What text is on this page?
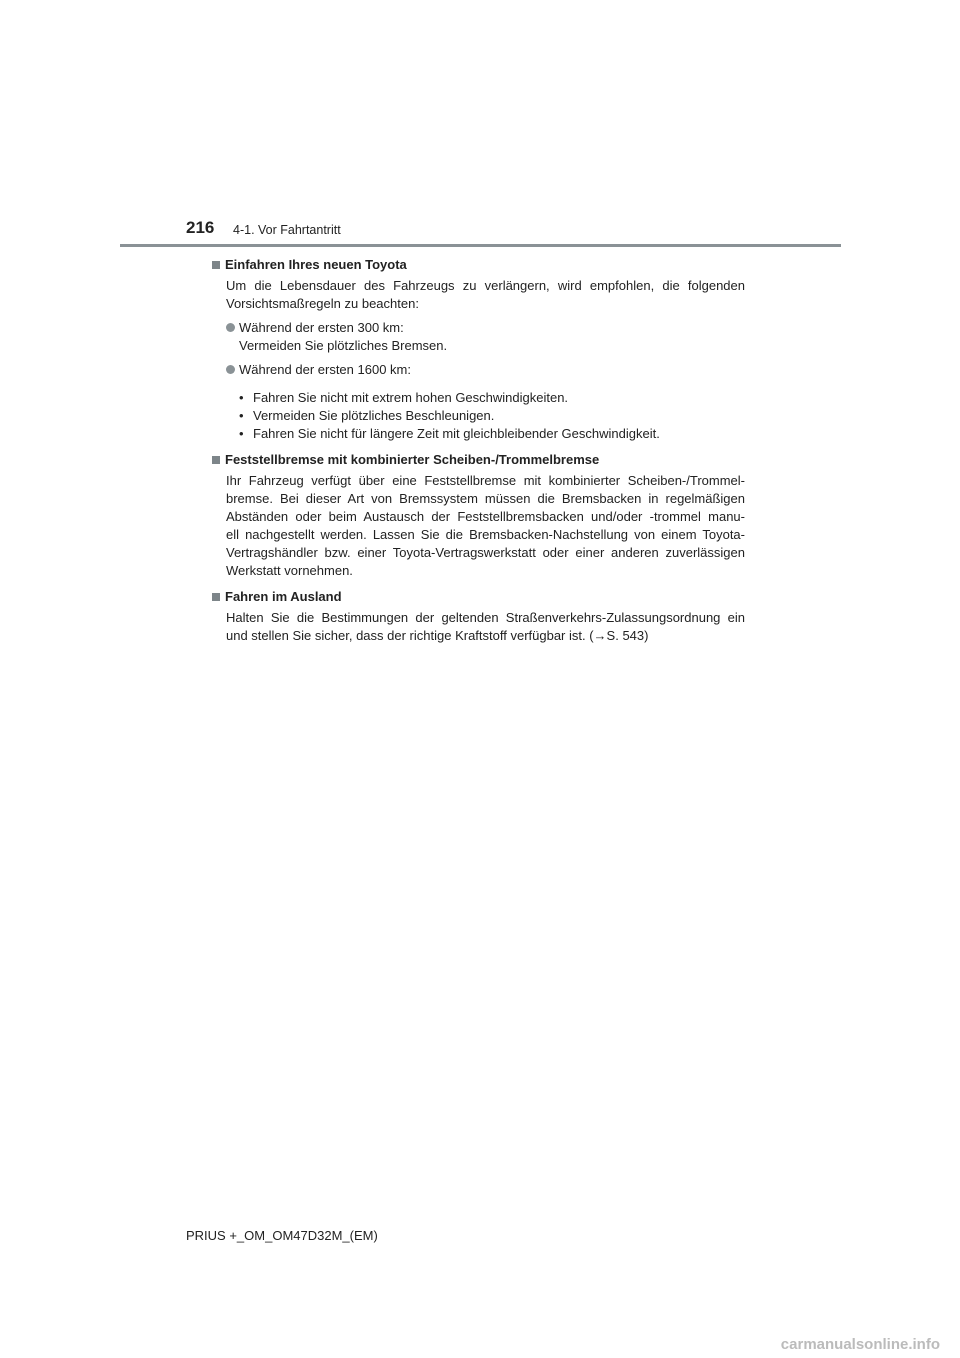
216 4-1. Vor Fahrtantritt
Einfahren Ihres neuen Toyota
Um die Lebensdauer des Fahrzeugs zu verlängern, wird empfohlen, die folgenden
Vorsichtsmaßregeln zu beachten:
Während der ersten 300 km:
Vermeiden Sie plötzliches Bremsen.
Während der ersten 1600 km:
• Fahren Sie nicht mit extrem hohen Geschwindigkeiten.
• Vermeiden Sie plötzliches Beschleunigen.
• Fahren Sie nicht für längere Zeit mit gleichbleibender Geschwindigkeit.
Feststellbremse mit kombinierter Scheiben-/Trommelbremse
Ihr Fahrzeug verfügt über eine Feststellbremse mit kombinierter Scheiben-/Trommel-
bremse. Bei dieser Art von Bremssystem müssen die Bremsbacken in regelmäßigen
Abständen oder beim Austausch der Feststellbremsbacken und/oder -trommel manu-
ell nachgestellt werden. Lassen Sie die Bremsbacken-Nachstellung von einem Toyota-
Vertragshändler bzw. einer Toyota-Vertragswerkstatt oder einer anderen zuverlässigen
Werkstatt vornehmen.
Fahren im Ausland
Halten Sie die Bestimmungen der geltenden Straßenverkehrs-Zulassungsordnung ein
und stellen Sie sicher, dass der richtige Kraftstoff verfügbar ist. (→S. 543)
PRIUS +_OM_OM47D32M_(EM)
carmanualsonline.info
